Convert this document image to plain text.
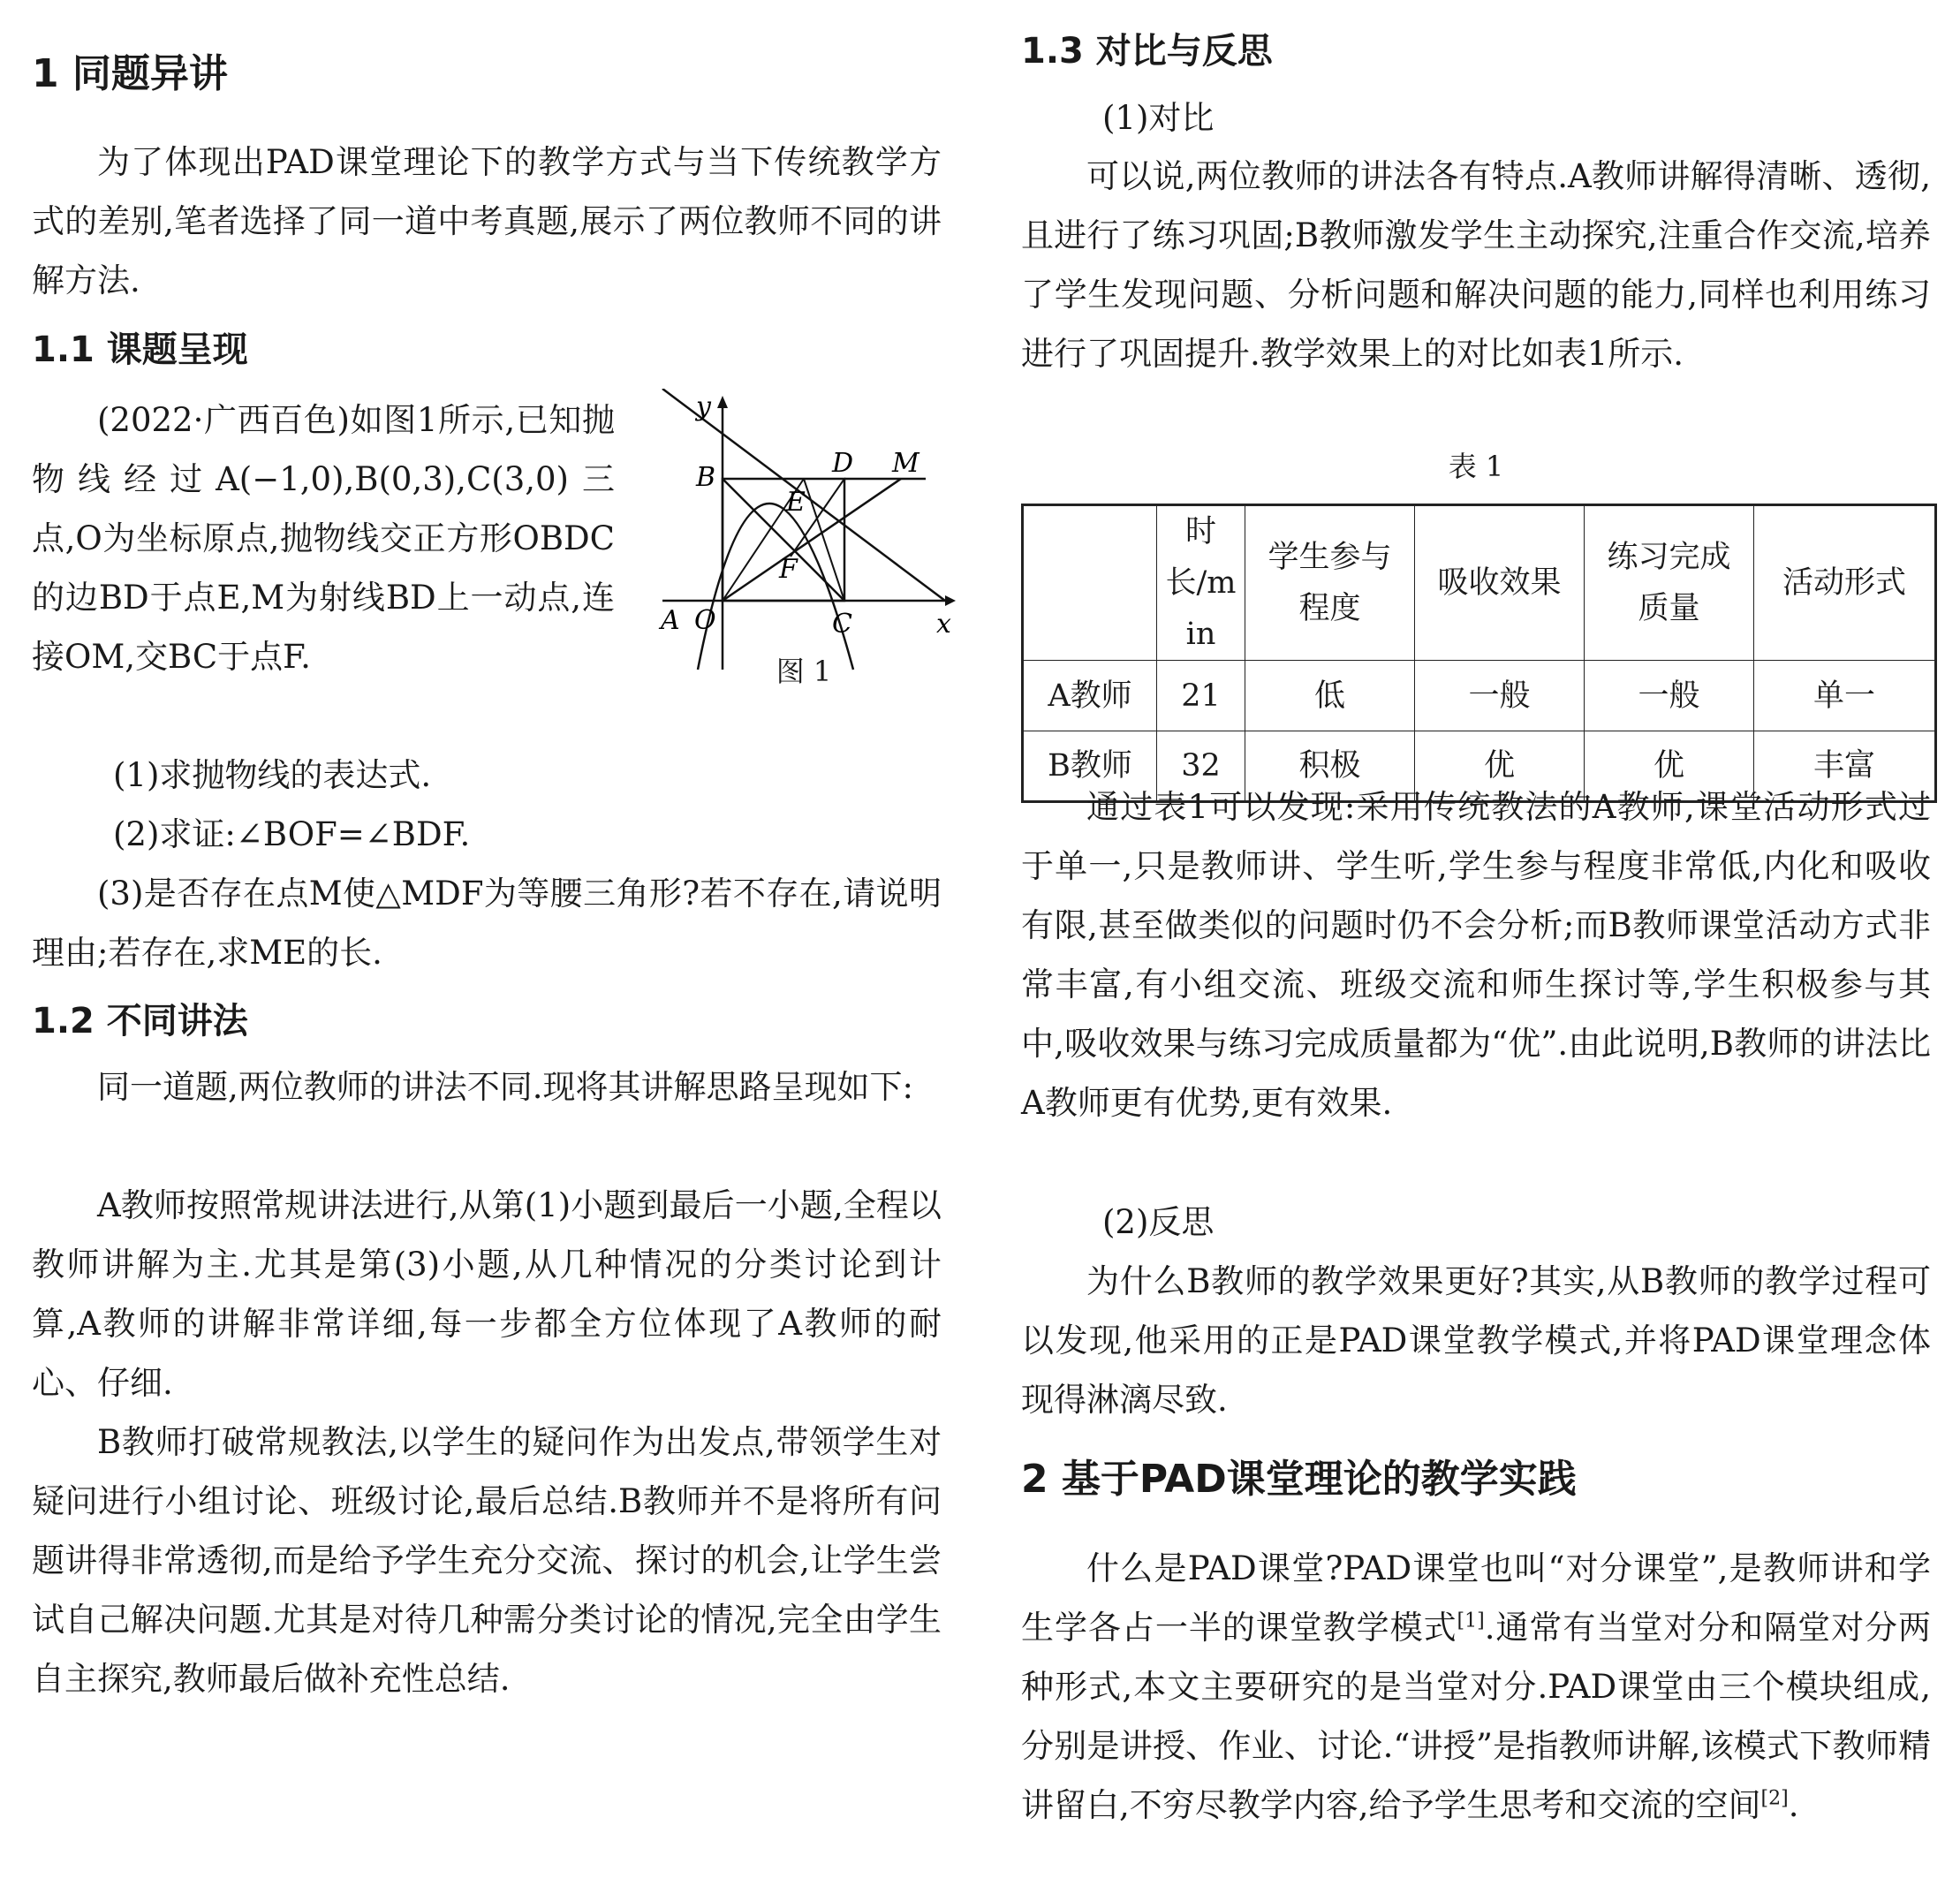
1 同题异讲

为了体现出PAD课堂理论下的教学方式与当下传统教学方式的差别,笔者选择了同一道中考真题,展示了两位教师不同的讲解方法.

1.1 课题呈现

(2022·广西百色)如图1所示,已知抛物线经过A(−1,0),B(0,3),C(3,0)三点,O为坐标原点,抛物线交正方形OBDC的边BD于点E,M为射线BD上一动点,连接OM,交BC于点F.

(1)求抛物线的表达式.

(2)求证:∠BOF=∠BDF.

(3)是否存在点M使△MDF为等腰三角形?若不存在,请说明理由;若存在,求ME的长.

1.2 不同讲法

同一道题,两位教师的讲法不同.现将其讲解思路呈现如下:

A教师按照常规讲法进行,从第(1)小题到最后一小题,全程以教师讲解为主.尤其是第(3)小题,从几种情况的分类讨论到计算,A教师的讲解非常详细,每一步都全方位体现了A教师的耐心、仔细.

B教师打破常规教法,以学生的疑问作为出发点,带领学生对疑问进行小组讨论、班级讨论,最后总结.B教师并不是将所有问题讲得非常透彻,而是给予学生充分交流、探讨的机会,让学生尝试自己解决问题.尤其是对待几种需分类讨论的情况,完全由学生自主探究,教师最后做补充性总结.

y
x
A O
B
C
D
E
F
M
图 1
1.3 对比与反思

(1)对比

可以说,两位教师的讲法各有特点.A教师讲解得清晰、透彻,且进行了练习巩固;B教师激发学生主动探究,注重合作交流,培养了学生发现问题、分析问题和解决问题的能力,同样也利用练习进行了巩固提升.教学效果上的对比如表1所示.

表 1
	时长/min	学生参与程度	吸收效果	练习完成质量	活动形式
A教师	21	低	一般	一般	单一
B教师	32	积极	优	优	丰富

通过表1可以发现:采用传统教法的A教师,课堂活动形式过于单一,只是教师讲、学生听,学生参与程度非常低,内化和吸收有限,甚至做类似的问题时仍不会分析;而B教师课堂活动方式非常丰富,有小组交流、班级交流和师生探讨等,学生积极参与其中,吸收效果与练习完成质量都为“优”.由此说明,B教师的讲法比A教师更有优势,更有效果.

(2)反思

为什么B教师的教学效果更好?其实,从B教师的教学过程可以发现,他采用的正是PAD课堂教学模式,并将PAD课堂理念体现得淋漓尽致.

2 基于PAD课堂理论的教学实践

什么是PAD课堂?PAD课堂也叫“对分课堂”,是教师讲和学生学各占一半的课堂教学模式[1].通常有当堂对分和隔堂对分两种形式,本文主要研究的是当堂对分.PAD课堂由三个模块组成,分别是讲授、作业、讨论.“讲授”是指教师讲解,该模式下教师精讲留白,不穷尽教学内容,给予学生思考和交流的空间[2].
